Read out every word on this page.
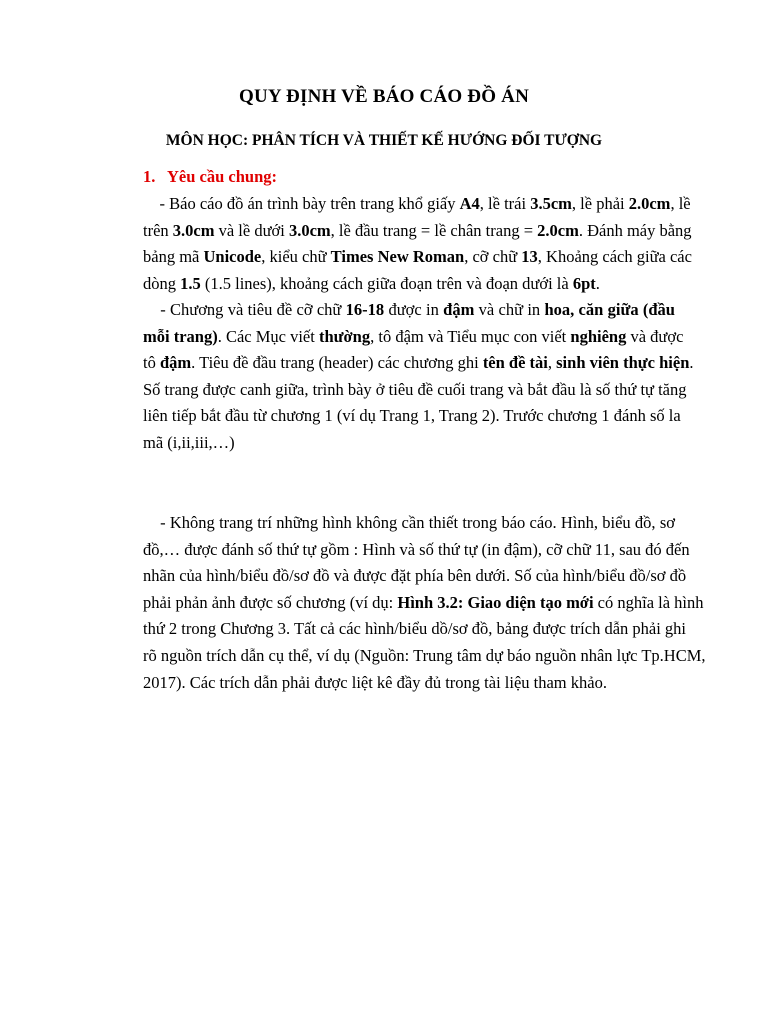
QUY ĐỊNH VỀ BÁO CÁO ĐỒ ÁN
MÔN HỌC: PHÂN TÍCH VÀ THIẾT KẾ HƯỚNG ĐỐI TƯỢNG
1. Yêu cầu chung:
- Báo cáo đồ án trình bày trên trang khổ giấy A4, lề trái 3.5cm, lề phải 2.0cm, lề
trên 3.0cm và lề dưới 3.0cm, lề đầu trang = lề chân trang = 2.0cm. Đánh máy bằng
bảng mã Unicode, kiểu chữ Times New Roman, cỡ chữ 13, Khoảng cách giữa các
dòng 1.5 (1.5 lines), khoảng cách giữa đoạn trên và đoạn dưới là 6pt.
- Chương và tiêu đề cỡ chữ 16-18 được in đậm và chữ in hoa, căn giữa (đầu
mỗi trang). Các Mục viết thường, tô đậm và Tiểu mục con viết nghiêng và được
tô đậm. Tiêu đề đầu trang (header) các chương ghi tên đề tài, sinh viên thực hiện.
Số trang được canh giữa, trình bày ở tiêu đề cuối trang và bắt đầu là số thứ tự tăng
liên tiếp bắt đầu từ chương 1 (ví dụ Trang 1, Trang 2). Trước chương 1 đánh số la
mã (i,ii,iii,…)
- Không trang trí những hình không cần thiết trong báo cáo. Hình, biểu đồ, sơ
đồ,… được đánh số thứ tự gồm : Hình và số thứ tự (in đậm), cỡ chữ 11, sau đó đến
nhãn của hình/biểu đồ/sơ đồ và được đặt phía bên dưới. Số của hình/biểu đồ/sơ đồ
phải phản ảnh được số chương (ví dụ: Hình 3.2: Giao diện tạo mới có nghĩa là hình
thứ 2 trong Chương 3. Tất cả các hình/biểu dồ/sơ đồ, bảng được trích dẫn phải ghi
rõ nguồn trích dẫn cụ thể, ví dụ (Nguồn: Trung tâm dự báo nguồn nhân lực Tp.HCM,
2017). Các trích dẫn phải được liệt kê đầy đủ trong tài liệu tham khảo.
